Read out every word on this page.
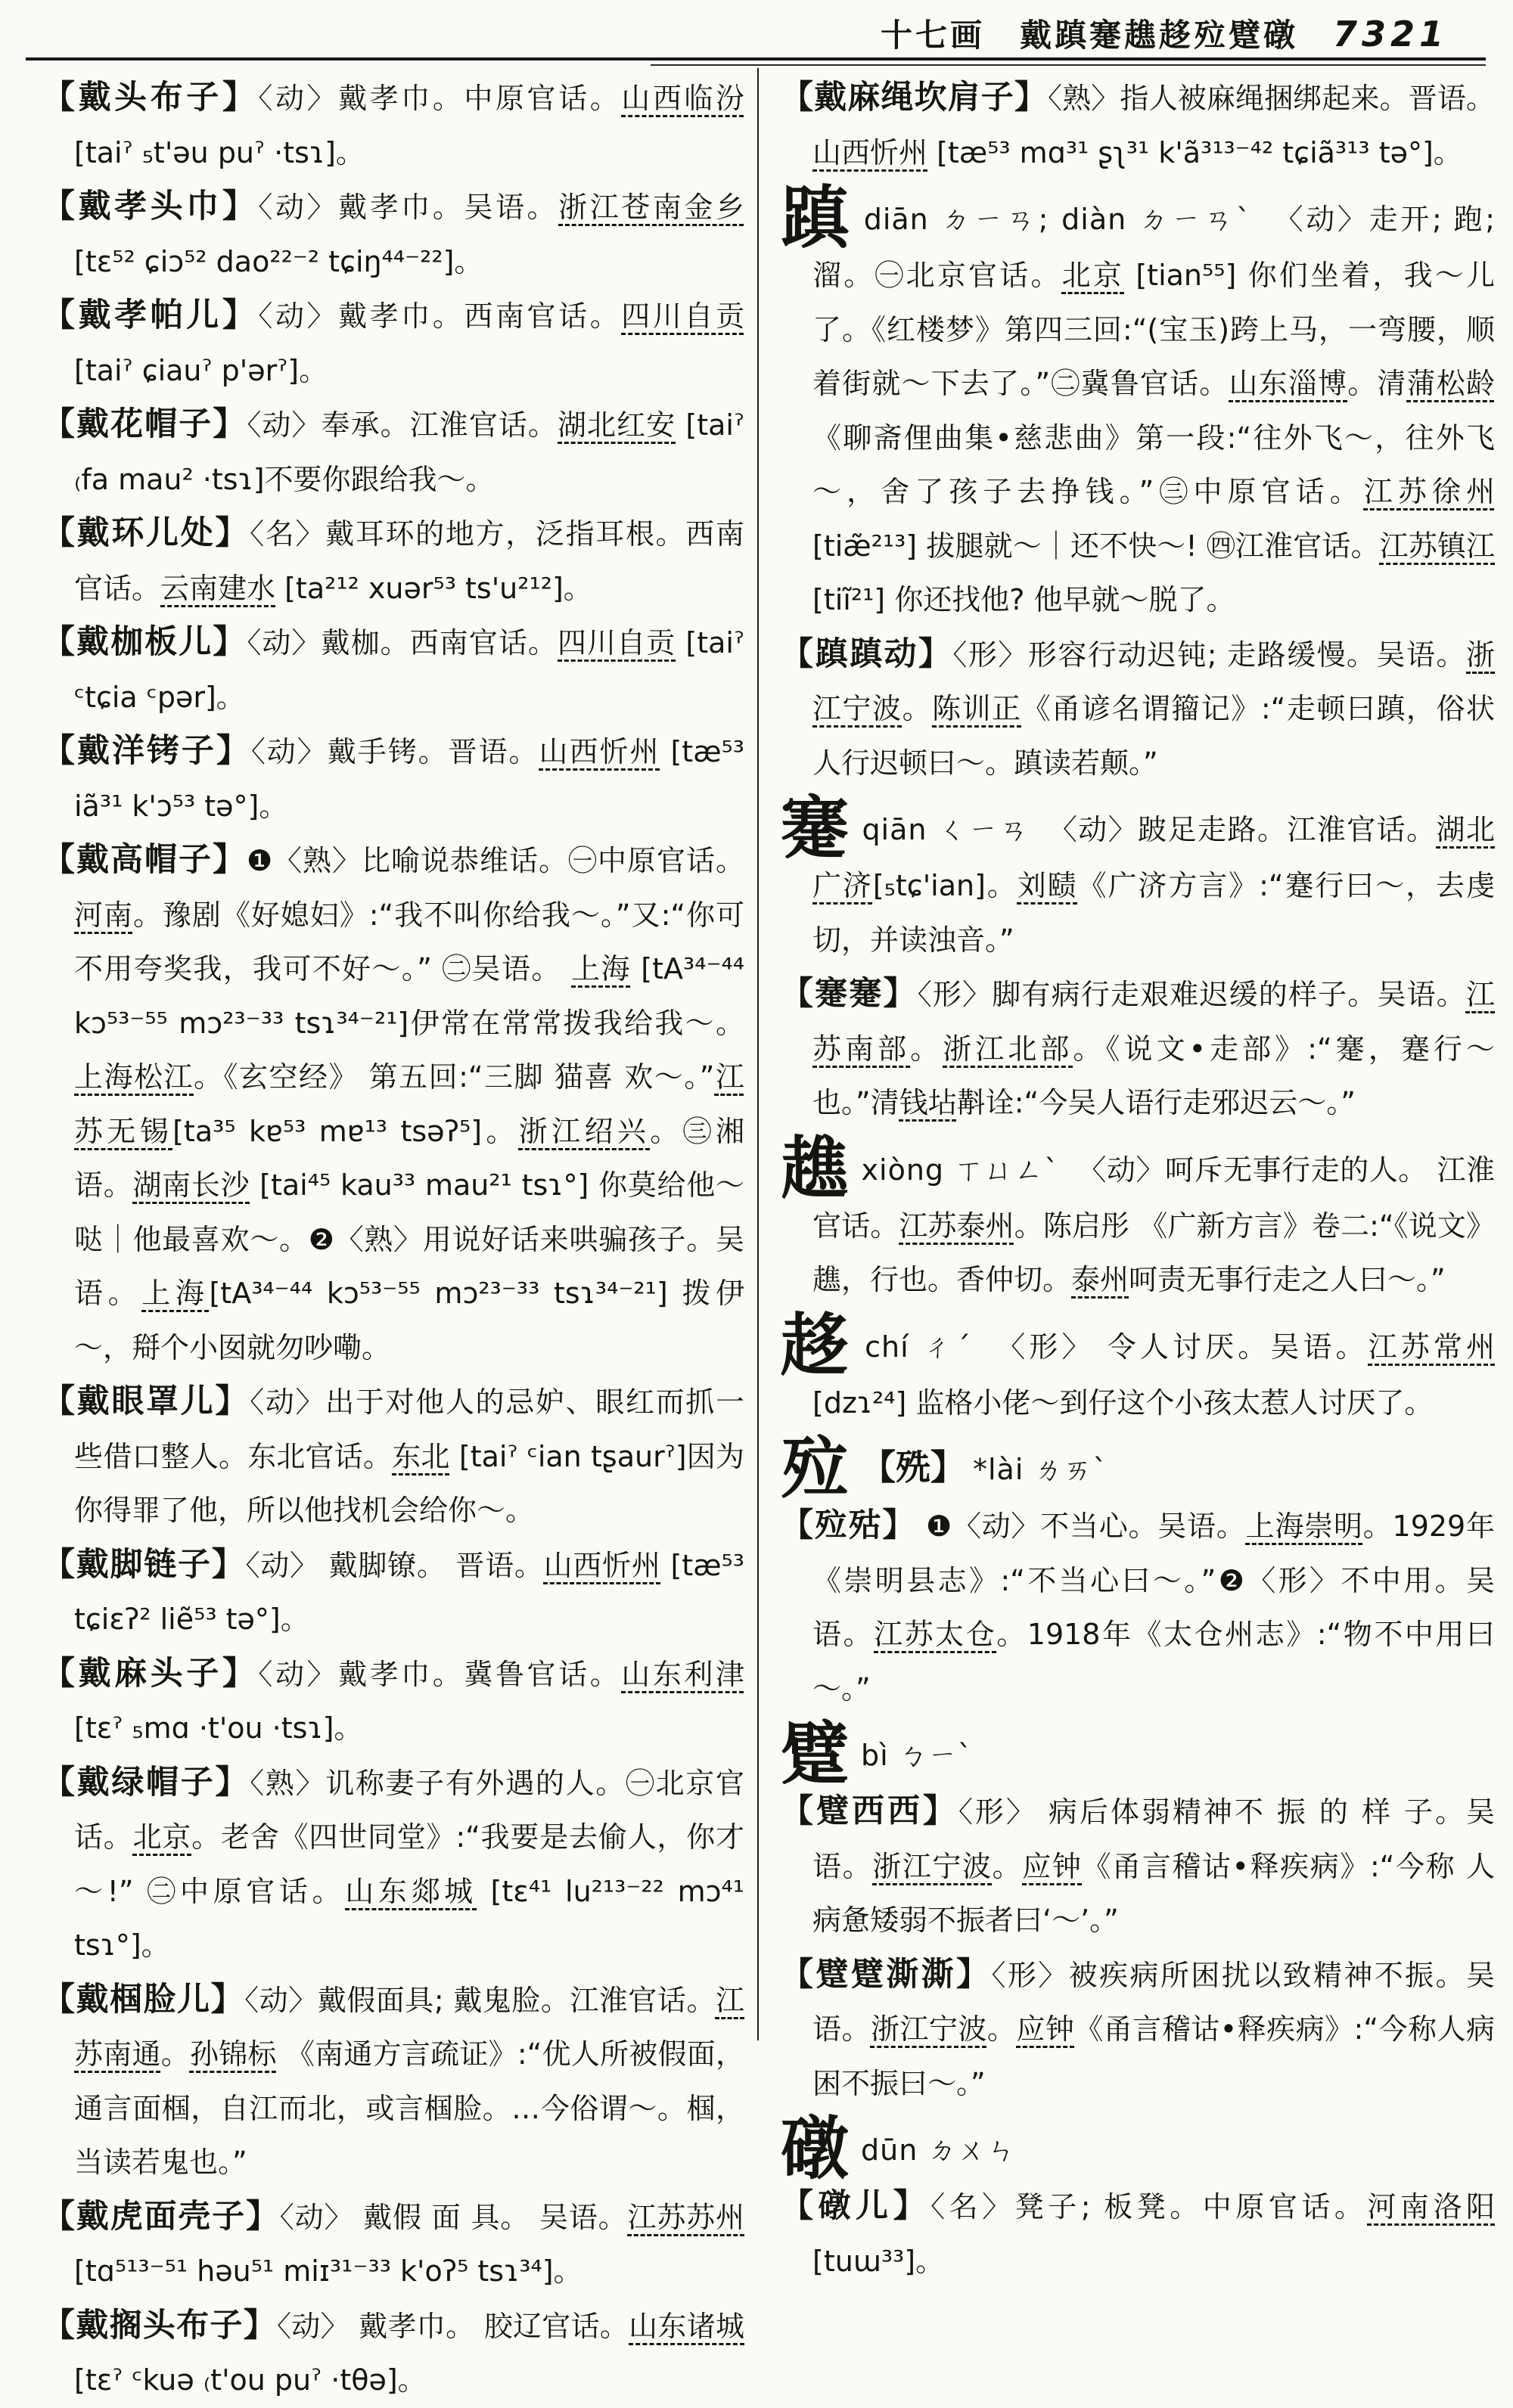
十七画 戴蹎䞿趭趍㱞躄礅 7321

【戴头布子】〈动〉戴孝巾。中原官话。山西临汾[taiˀ ₅t'əu puˀ ·tsɿ]。

【戴孝头巾】〈动〉戴孝巾。吴语。浙江苍南金乡[tɛ⁵² ɕiɔ⁵² dao²²⁻² tɕiŋ⁴⁴⁻²²]。

【戴孝帕儿】〈动〉戴孝巾。西南官话。四川自贡[taiˀ ɕiauˀ p'ərˀ]。

【戴花帽子】〈动〉奉承。江淮官话。湖北红安 [taiˀ ₍fa mau² ·tsɿ]不要你跟给我～。

【戴环儿处】〈名〉戴耳环的地方，泛指耳根。西南官话。云南建水 [ta²¹² xuər⁵³ ts'u²¹²]。

【戴枷板儿】〈动〉戴枷。西南官话。四川自贡 [taiˀ ᶜtɕia ᶜpər]。

【戴洋铐子】〈动〉戴手铐。晋语。山西忻州 [tæ⁵³ iã³¹ k'ɔ⁵³ tə°]。

【戴高帽子】❶〈熟〉比喻说恭维话。㊀中原官话。河南。豫剧《好媳妇》:“我不叫你给我～。”又:“你可不用夸奖我，我可不好～。” ㊁吴语。 上海 [tA³⁴⁻⁴⁴ kɔ⁵³⁻⁵⁵ mɔ²³⁻³³ tsɿ³⁴⁻²¹]伊常在常常拨我给我～。上海松江。《玄空经》 第五回:“三脚 猫喜 欢～。”江苏无锡[ta³⁵ kɐ⁵³ mɐ¹³ tsəʔ⁵]。浙江绍兴。㊂湘语。湖南长沙 [tai⁴⁵ kau³³ mau²¹ tsɿ°] 你莫给他～哒｜他最喜欢～。❷〈熟〉用说好话来哄骗孩子。吴语。上海[tA³⁴⁻⁴⁴ kɔ⁵³⁻⁵⁵ mɔ²³⁻³³ tsɿ³⁴⁻²¹] 拨伊～，搿个小囡就勿吵嘞。

【戴眼罩儿】〈动〉出于对他人的忌妒、眼红而抓一些借口整人。东北官话。东北 [taiˀ ᶜian tʂaurˀ]因为你得罪了他，所以他找机会给你～。

【戴脚链子】〈动〉 戴脚镣。 晋语。山西忻州 [tæ⁵³ tɕiɛʔ² liẽ⁵³ tə°]。

【戴麻头子】〈动〉戴孝巾。冀鲁官话。山东利津 [tɛˀ ₅mɑ ·t'ou ·tsɿ]。

【戴绿帽子】〈熟〉讥称妻子有外遇的人。㊀北京官话。北京。老舍《四世同堂》:“我要是去偷人，你才～!” ㊁中原官话。山东郯城 [tɛ⁴¹ lu²¹³⁻²² mɔ⁴¹ tsɿ°]。

【戴椢脸儿】〈动〉戴假面具; 戴鬼脸。江淮官话。江苏南通。孙锦标 《南通方言疏证》:“优人所被假面，通言面椢，自江而北，或言椢脸。…今俗谓～。椢，当读若鬼也。”

【戴虎面壳子】〈动〉 戴假 面 具。 吴语。江苏苏州[tɑ⁵¹³⁻⁵¹ həu⁵¹ miɪ³¹⁻³³ k'oʔ⁵ tsɿ³⁴]。

【戴搁头布子】〈动〉 戴孝巾。 胶辽官话。山东诸城[tɛˀ ᶜkuə ₍t'ou puˀ ·tθə]。

【戴麻绳坎肩子】〈熟〉指人被麻绳捆绑起来。晋语。山西忻州 [tæ⁵³ mɑ³¹ ʂʅ³¹ k'ã³¹³⁻⁴² tɕiã³¹³ tə°]。

蹎diān ㄉㄧㄢ; diàn ㄉㄧㄢˋ 〈动〉走开; 跑; 溜。㊀北京官话。北京 [tian⁵⁵] 你们坐着，我～儿了。《红楼梦》第四三回:“(宝玉)跨上马，一弯腰，顺着街就～下去了。”㊁冀鲁官话。山东淄博。清蒲松龄《聊斋俚曲集•慈悲曲》第一段:“往外飞～，往外飞～，舍了孩子去挣钱。”㊂中原官话。江苏徐州 [tiæ̃²¹³] 拔腿就～｜还不快～! ㊃江淮官话。江苏镇江 [tiĩ²¹] 你还找他? 他早就～脱了。

【蹎蹎动】〈形〉形容行动迟钝; 走路缓慢。吴语。浙江宁波。陈训正《甬谚名谓籀记》:“走顿曰蹎，俗状人行迟顿曰～。蹎读若颠。”

䞿qiān ㄑㄧㄢ 〈动〉跛足走路。江淮官话。湖北广济[₅tɕ'ian]。刘赜《广济方言》:“蹇行曰～，去虔切，并读浊音。”

【䞿䞿】〈形〉脚有病行走艰难迟缓的样子。吴语。江苏南部。浙江北部。《说文•走部》:“䞿，蹇行～也。”清钱坫斠诠:“今吴人语行走邪迟云～。”

趭xiòng ㄒㄩㄥˋ 〈动〉呵斥无事行走的人。 江淮官话。江苏泰州。陈启彤 《广新方言》卷二:“《说文》趭，行也。香仲切。泰州呵责无事行走之人曰～。”

趍chí ㄔˊ 〈形〉 令人讨厌。吴语。江苏常州 [dzɿ²⁴] 监格小佬～到仔这个小孩太惹人讨厌了。

㱞 【㱡】 *lài ㄌㄞˋ

【㱞㱠】 ❶〈动〉不当心。吴语。上海崇明。1929年《崇明县志》:“不当心曰～。”❷〈形〉不中用。吴语。江苏太仓。1918年《太仓州志》:“物不中用曰～。”

躄bì ㄅㄧˋ

【躄西西】〈形〉 病后体弱精神不 振 的 样 子。吴语。浙江宁波。应钟《甬言稽诂•释疾病》:“今称 人 病惫矮弱不振者曰‘～’。”

【躄躄澌澌】〈形〉被疾病所困扰以致精神不振。吴语。浙江宁波。应钟《甬言稽诂•释疾病》:“今称人病困不振曰～。”

礅dūn ㄉㄨㄣ

【礅儿】〈名〉凳子; 板凳。中原官话。河南洛阳[tuɯ³³]。
